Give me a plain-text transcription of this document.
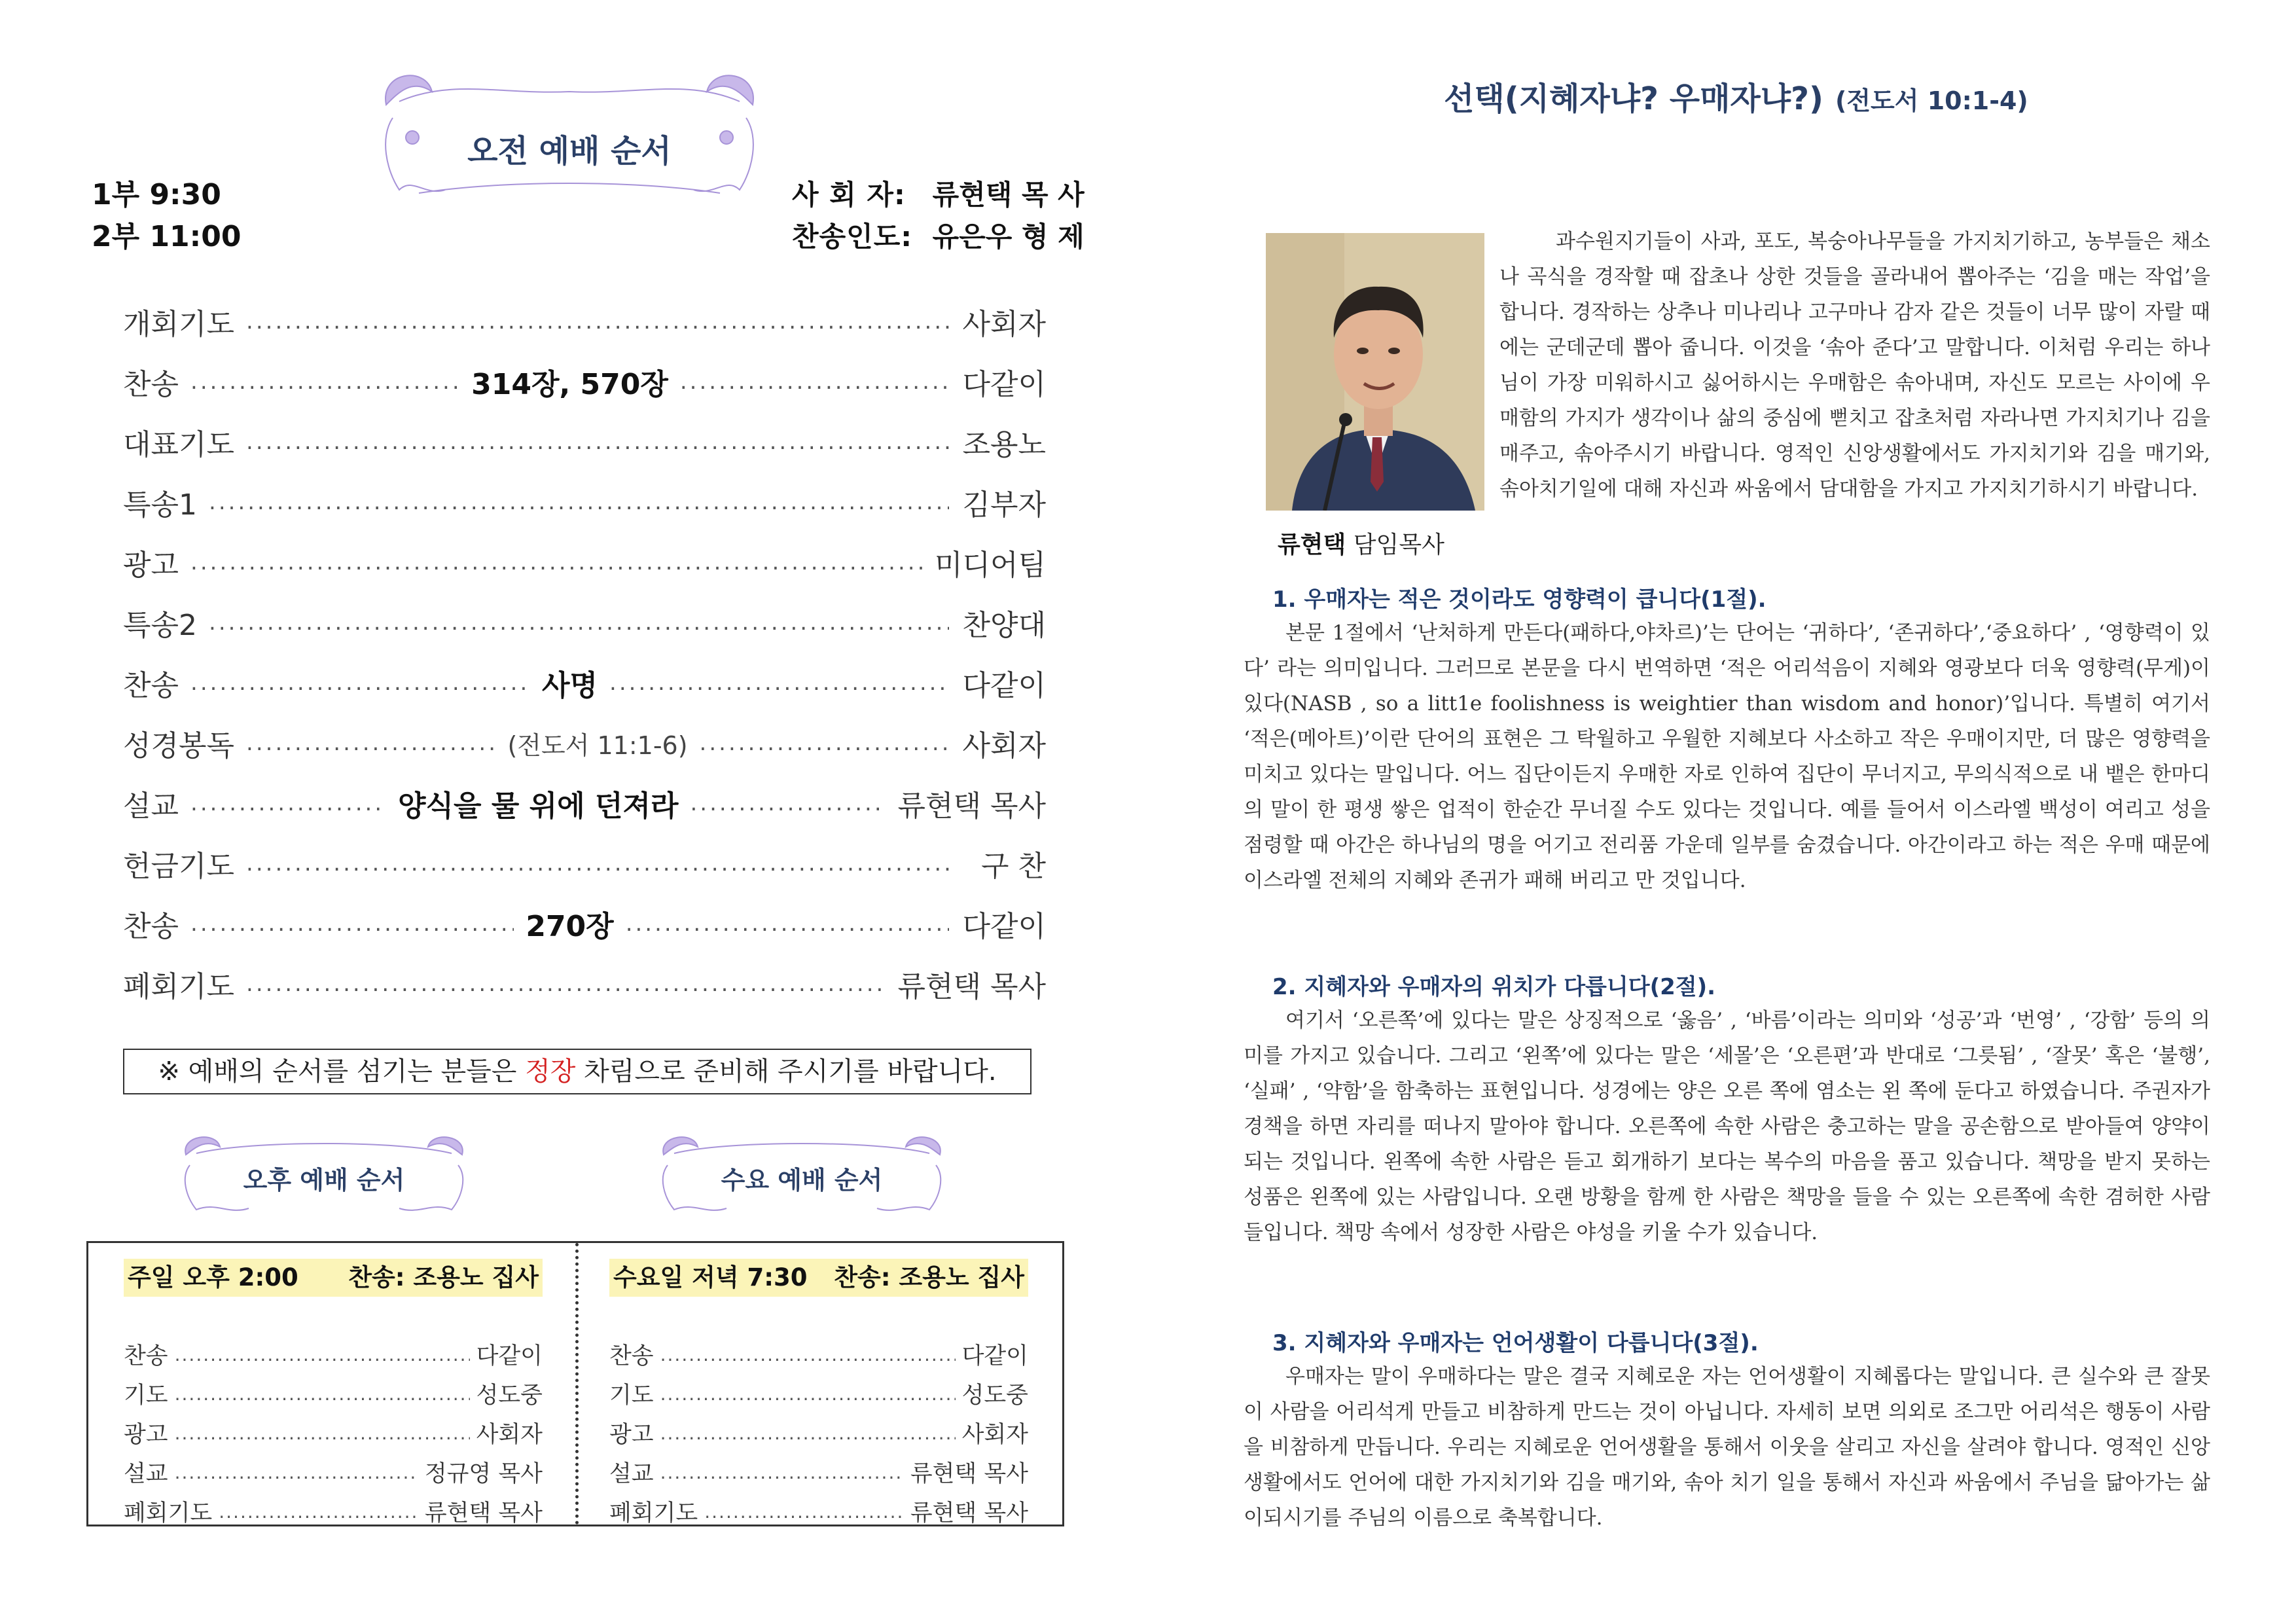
오전 예배 순서
1부 9:30
2부 11:00
사 회 자: 류현택 목 사
찬송인도: 유은우 형 제
개회기도 .....	사회자
찬송 .....	314장, 570장 .....	다같이
대표기도 .....	조용노
특송1 .....	김부자
광고 .....	미디어팀
특송2 .....	찬양대
찬송 .....	사명 .....	다같이
성경봉독 .....	(전도서 11:1-6) .....	사회자
설교 .....	양식을 물 위에 던져라 .....	류현택 목사
헌금기도 .....	구 찬
찬송 .....	270장 .....	다같이
폐회기도 .....	류현택 목사
※ 예배의 순서를 섬기는 분들은 정장 차림으로 준비해 주시기를 바랍니다.
오후 예배 순서	수요 예배 순서
주일 오후 2:00 찬송: 조용노 집사
찬송 .....	다같이
기도 .....	성도중
광고 .....	사회자
설교 .....	정규영 목사
폐회기도 .....	류현택 목사
수요일 저녁 7:30 찬송: 조용노 집사
찬송 .....	다같이
기도 .....	성도중
광고 .....	사회자
설교 .....	류현택 목사
폐회기도 .....	류현택 목사
선택(지혜자냐? 우매자냐?) (전도서 10:1-4)
류현택 담임목사
과수원지기들이 사과, 포도, 복숭아나무들을 가지치기하고, 농부들은 채소나 곡식을 경작할 때 잡초나 상한 것들을 골라내어 뽑아주는 ‘김을 매는 작업’을 합니다. 경작하는 상추나 미나리나 고구마나 감자 같은 것들이 너무 많이 자랄 때에는 군데군데 뽑아 줍니다. 이것을 ‘솎아 준다’고 말합니다. 이처럼 우리는 하나님이 가장 미워하시고 싫어하시는 우매함은 솎아내며, 자신도 모르는 사이에 우매함의 가지가 생각이나 삶의 중심에 뻗치고 잡초처럼 자라나면 가지치기나 김을 매주고, 솎아주시기 바랍니다. 영적인 신앙생활에서도 가지치기와 김을 매기와, 솎아치기일에 대해 자신과 싸움에서 담대함을 가지고 가지치기하시기 바랍니다.
1. 우매자는 적은 것이라도 영향력이 큽니다(1절).
본문 1절에서 ‘난처하게 만든다(패하다,야차르)’는 단어는 ‘귀하다’, ‘존귀하다’,‘중요하다’ , ‘영향력이 있다’ 라는 의미입니다. 그러므로 본문을 다시 번역하면 ‘적은 어리석음이 지혜와 영광보다 더욱 영향력(무게)이 있다(NASB , so a litt1e foolishness is weightier than wisdom and honor)’입니다. 특별히 여기서 ‘적은(메아트)’이란 단어의 표현은 그 탁월하고 우월한 지혜보다 사소하고 작은 우매이지만, 더 많은 영향력을 미치고 있다는 말입니다. 어느 집단이든지 우매한 자로 인하여 집단이 무너지고, 무의식적으로 내 뱉은 한마디의 말이 한 평생 쌓은 업적이 한순간 무너질 수도 있다는 것입니다. 예를 들어서 이스라엘 백성이 여리고 성을 점령할 때 아간은 하나님의 명을 어기고 전리품 가운데 일부를 숨겼습니다. 아간이라고 하는 적은 우매 때문에 이스라엘 전체의 지혜와 존귀가 패해 버리고 만 것입니다.
2. 지혜자와 우매자의 위치가 다릅니다(2절).
여기서 ‘오른쪽’에 있다는 말은 상징적으로 ‘옳음’ , ‘바름’이라는 의미와 ‘성공’과 ‘번영’ , ‘강함’ 등의 의미를 가지고 있습니다. 그리고 ‘왼쪽’에 있다는 말은 ‘세몰’은 ‘오른편’과 반대로 ‘그릇됨’ , ‘잘못’ 혹은 ‘불행’, ‘실패’ , ‘약함’을 함축하는 표현입니다. 성경에는 양은 오른 쪽에 염소는 왼 쪽에 둔다고 하였습니다. 주권자가 경책을 하면 자리를 떠나지 말아야 합니다. 오른쪽에 속한 사람은 충고하는 말을 공손함으로 받아들여 양약이 되는 것입니다. 왼쪽에 속한 사람은 듣고 회개하기 보다는 복수의 마음을 품고 있습니다. 책망을 받지 못하는 성품은 왼쪽에 있는 사람입니다. 오랜 방황을 함께 한 사람은 책망을 들을 수 있는 오른쪽에 속한 겸허한 사람들입니다. 책망 속에서 성장한 사람은 야성을 키울 수가 있습니다.
3. 지혜자와 우매자는 언어생활이 다릅니다(3절).
우매자는 말이 우매하다는 말은 결국 지혜로운 자는 언어생활이 지혜롭다는 말입니다. 큰 실수와 큰 잘못이 사람을 어리석게 만들고 비참하게 만드는 것이 아닙니다. 자세히 보면 의외로 조그만 어리석은 행동이 사람을 비참하게 만듭니다. 우리는 지혜로운 언어생활을 통해서 이웃을 살리고 자신을 살려야 합니다. 영적인 신앙생활에서도 언어에 대한 가지치기와 김을 매기와, 솎아 치기 일을 통해서 자신과 싸움에서 주님을 닮아가는 삶이되시기를 주님의 이름으로 축복합니다.
